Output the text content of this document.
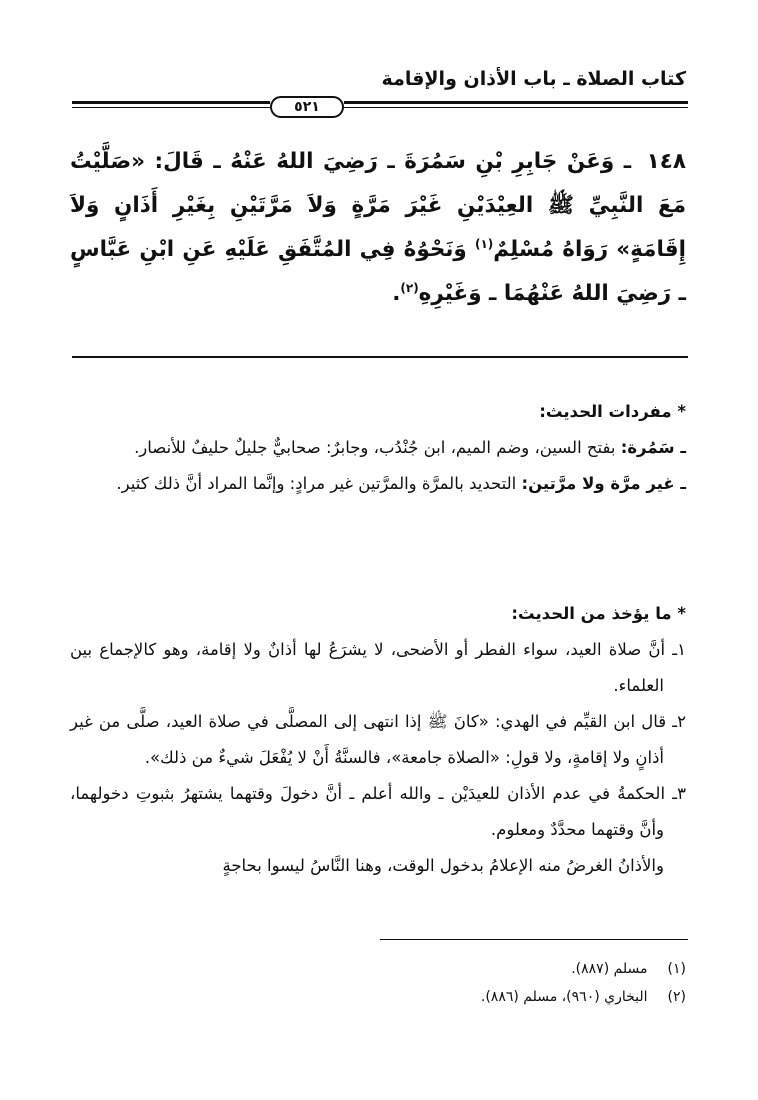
كتاب الصلاة ـ باب الأذان والإقامة
٥٢١
١٤٨ ـ وَعَنْ جَابِرِ بْنِ سَمُرَةَ ـ رَضِيَ اللهُ عَنْهُ ـ قَالَ: «صَلَّيْتُ مَعَ النَّبِيِّ ﷺ العِيْدَيْنِ غَيْرَ مَرَّةٍ وَلاَ مَرَّتَيْنِ بِغَيْرِ أَذَانٍ وَلاَ إِقَامَةٍ» رَوَاهُ مُسْلِمٌ$^{(١)}$ وَنَحْوُهُ فِي المُتَّفَقِ عَلَيْهِ عَنِ ابْنِ عَبَّاسٍ ـ رَضِيَ اللهُ عَنْهُمَا ـ وَغَيْرِهِ$^{(٢)}$.

* مفردات الحديث:

ـ سَمُرة: بفتح السين، وضم الميم، ابن جُنْدُب، وجابرٌ: صحابيٌّ جليلٌ حليفٌ للأنصار.

ـ غير مرَّة ولا مرَّتين: التحديد بالمرَّة والمرَّتين غير مرادٍ: وإنَّما المراد أنَّ ذلك كثير.

* ما يؤخذ من الحديث:

١ـ أنَّ صلاة العيد، سواء الفطر أو الأضحى، لا يشرَعُ لها أذانٌ ولا إقامة، وهو كالإجماع بين العلماء.

٢ـ قال ابن القيِّم في الهدي: «كانَ ﷺ إذا انتهى إلى المصلَّى في صلاة العيد، صلَّى من غير أذانٍ ولا إقامةٍ، ولا قولِ: «الصلاة جامعة»، فالسنَّةُ أَنْ لا يُفْعَلَ شيءٌ من ذلك».

٣ـ الحكمةُ في عدم الأذان للعيدَيْن ـ والله أعلم ـ أنَّ دخولَ وقتهما يشتهرُ بثبوتِ دخولهما، وأنَّ وقتهما محدَّدٌ ومعلوم.

والأذانُ الغرضُ منه الإعلامُ بدخول الوقت، وهنا النَّاسُ ليسوا بحاجةٍ

(١) مسلم (٨٨٧).
(٢) البخاري (٩٦٠)، مسلم (٨٨٦).
